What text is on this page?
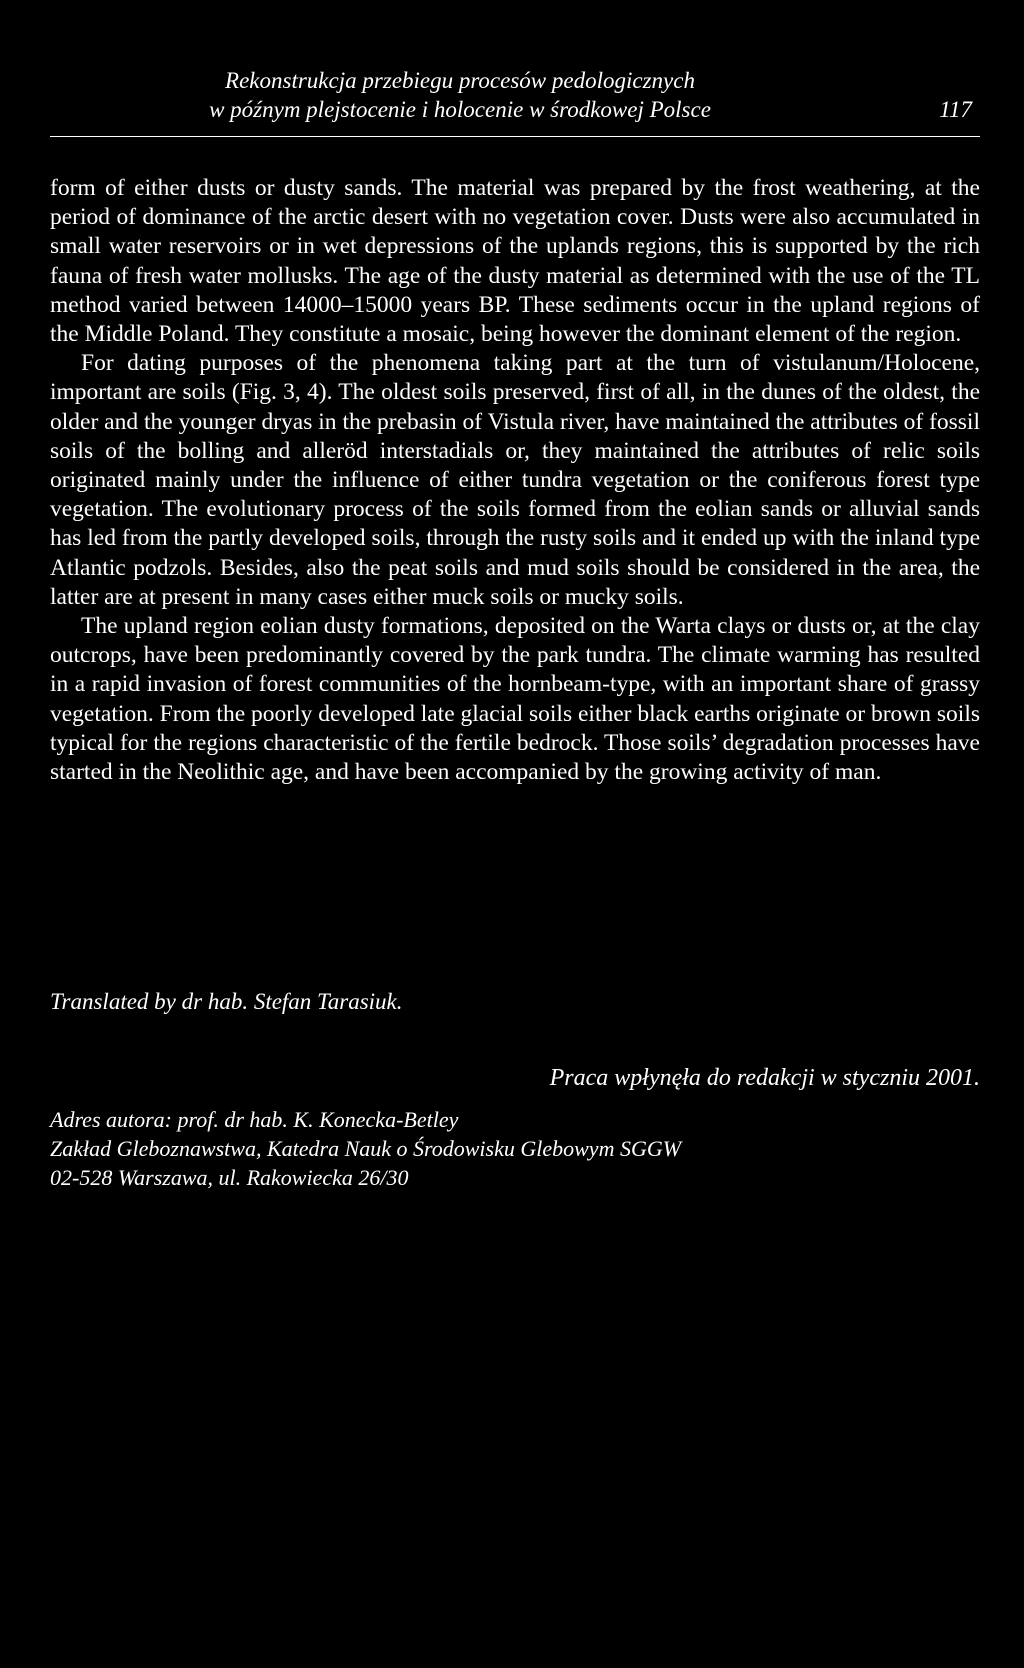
Rekonstrukcja przebiegu procesów pedologicznych
w późnym plejstocenie i holocenie w środkowej Polsce	117

form of either dusts or dusty sands. The material was prepared by the frost weathering, at the period of dominance of the arctic desert with no vegetation cover. Dusts were also accumulated in small water reservoirs or in wet depressions of the uplands regions, this is supported by the rich fauna of fresh water mollusks. The age of the dusty material as determined with the use of the TL method varied between 14000–15000 years BP. These sediments occur in the upland regions of the Middle Poland. They constitute a mosaic, being however the dominant element of the region.

For dating purposes of the phenomena taking part at the turn of vistulanum/Holocene, important are soils (Fig. 3, 4). The oldest soils preserved, first of all, in the dunes of the oldest, the older and the younger dryas in the prebasin of Vistula river, have maintained the attributes of fossil soils of the bolling and alleröd interstadials or, they maintained the attributes of relic soils originated mainly under the influence of either tundra vegetation or the coniferous forest type vegetation. The evolutionary process of the soils formed from the eolian sands or alluvial sands has led from the partly developed soils, through the rusty soils and it ended up with the inland type Atlantic podzols. Besides, also the peat soils and mud soils should be considered in the area, the latter are at present in many cases either muck soils or mucky soils.

The upland region eolian dusty formations, deposited on the Warta clays or dusts or, at the clay outcrops, have been predominantly covered by the park tundra. The climate warming has resulted in a rapid invasion of forest communities of the hornbeam-type, with an important share of grassy vegetation. From the poorly developed late glacial soils either black earths originate or brown soils typical for the regions characteristic of the fertile bedrock. Those soils’ degradation processes have started in the Neolithic age, and have been accompanied by the growing activity of man.

Translated by dr hab. Stefan Tarasiuk.
Praca wpłynęła do redakcji w styczniu 2001.
Adres autora: prof. dr hab. K. Konecka-Betley
Zakład Gleboznawstwa, Katedra Nauk o Środowisku Glebowym SGGW
02-528 Warszawa, ul. Rakowiecka 26/30
